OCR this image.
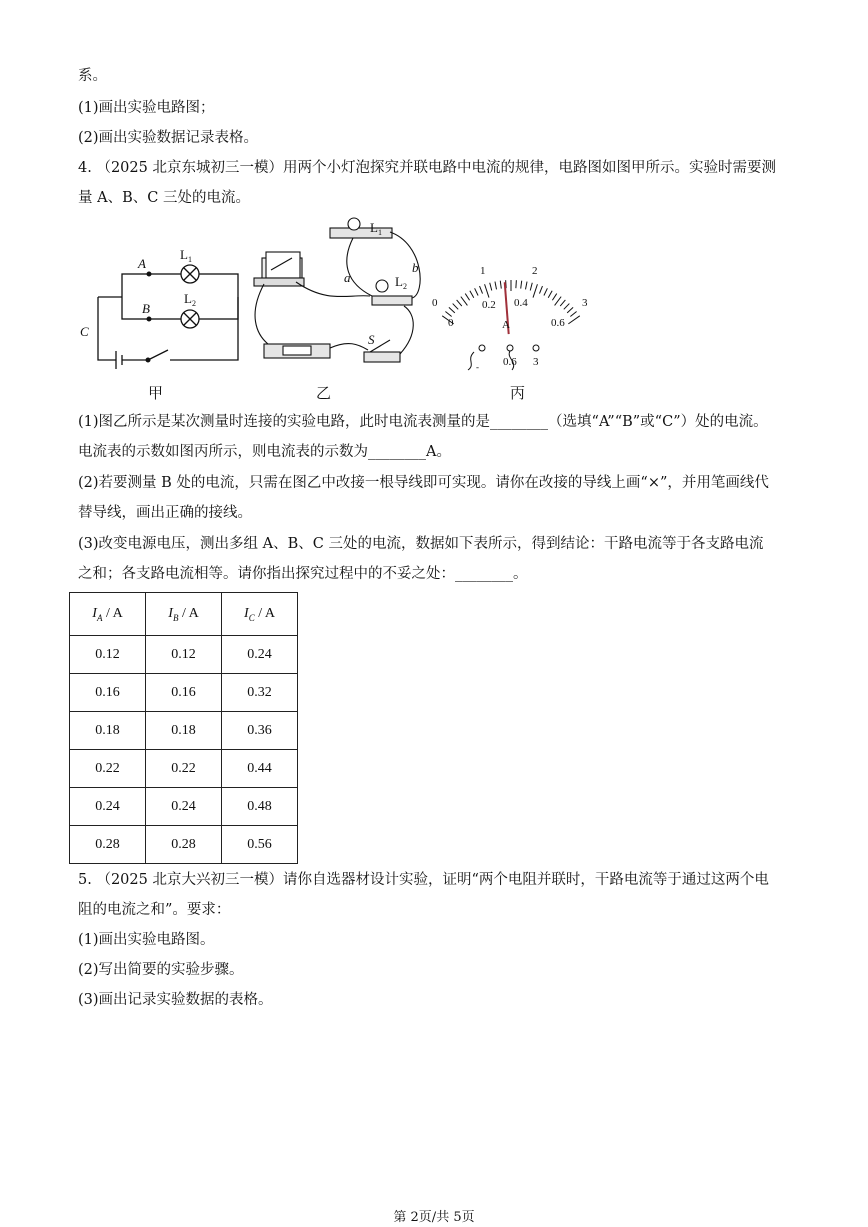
系。
(1)画出实验电路图；
(2)画出实验数据记录表格。
4. （2025 北京东城初三一模）用两个小灯泡探究并联电路中电流的规律，电路图如图甲所示。实验时需要测
量 A、B、C 三处的电流。
A
B
C
$L_1$
$L_2$
a
b
S
$L_1$
$L_2$
0
1	2
3
0
0.2 0.4
0.6
A
- 0.6 3
甲	乙	丙
(1)图乙所示是某次测量时连接的实验电路，此时电流表测量的是________（选填“A”“B”或“C”）处的电流。
电流表的示数如图丙所示，则电流表的示数为________A。
(2)若要测量 B 处的电流，只需在图乙中改接一根导线即可实现。请你在改接的导线上画“×”，并用笔画线代
替导线，画出正确的接线。
(3)改变电源电压，测出多组 A、B、C 三处的电流，数据如下表所示，得到结论：干路电流等于各支路电流
之和；各支路电流相等。请你指出探究过程中的不妥之处：________。
$I_A$ / A	$I_B$ / A	$I_C$ / A
0.12	0.12	0.24
0.16	0.16	0.32
0.18	0.18	0.36
0.22	0.22	0.44
0.24	0.24	0.48
0.28	0.28	0.56
5. （2025 北京大兴初三一模）请你自选器材设计实验，证明“两个电阻并联时，干路电流等于通过这两个电
阻的电流之和”。要求：
(1)画出实验电路图。
(2)写出简要的实验步骤。
(3)画出记录实验数据的表格。
第 2页/共 5页
